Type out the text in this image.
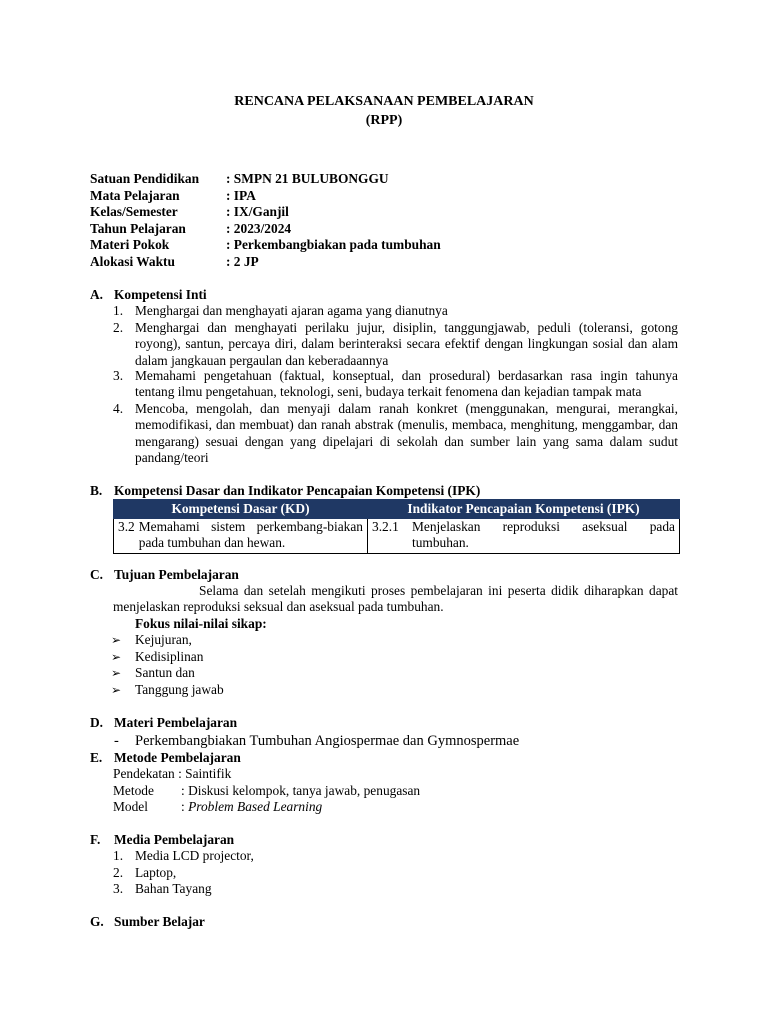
RENCANA PELAKSANAAN PEMBELAJARAN
(RPP)
Satuan Pendidikan : SMPN 21 BULUBONGGU
Mata Pelajaran	: IPA
Kelas/Semester	: IX/Ganjil
Tahun Pelajaran	: 2023/2024
Materi Pokok	: Perkembangbiakan pada tumbuhan
Alokasi Waktu	: 2 JP
A. Kompetensi Inti
1. Menghargai dan menghayati ajaran agama yang dianutnya
2. Menghargai dan menghayati perilaku jujur, disiplin, tanggungjawab, peduli (toleransi, gotong royong), santun, percaya diri, dalam berinteraksi secara efektif dengan lingkungan sosial dan alam dalam jangkauan pergaulan dan keberadaannya
3. Memahami pengetahuan (faktual, konseptual, dan prosedural) berdasarkan rasa ingin tahunya tentang ilmu pengetahuan, teknologi, seni, budaya terkait fenomena dan kejadian tampak mata
4. Mencoba, mengolah, dan menyaji dalam ranah konkret (menggunakan, mengurai, merangkai, memodifikasi, dan membuat) dan ranah abstrak (menulis, membaca, menghitung, menggambar, dan mengarang) sesuai dengan yang dipelajari di sekolah dan sumber lain yang sama dalam sudut pandang/teori
B. Kompetensi Dasar dan Indikator Pencapaian Kompetensi (IPK)
Kompetensi Dasar (KD)	Indikator Pencapaian Kompetensi (IPK)

3.2 Memahami sistem perkembang-biakan pada tumbuhan dan hewan.	3.2.1 Menjelaskan reproduksi aseksual pada tumbuhan.
C. Tujuan Pembelajaran
Selama dan setelah mengikuti proses pembelajaran ini peserta didik diharapkan dapat
menjelaskan reproduksi seksual dan aseksual pada tumbuhan.
Fokus nilai-nilai sikap:
➢ Kejujuran,
➢ Kedisiplinan
➢ Santun dan
➢ Tanggung jawab
D. Materi Pembelajaran
- Perkembangbiakan Tumbuhan Angiospermae dan Gymnospermae
E. Metode Pembelajaran
Pendekatan : Saintifik
Metode : Diskusi kelompok, tanya jawab, penugasan
Model : Problem Based Learning
F. Media Pembelajaran
1. Media LCD projector,
2. Laptop,
3. Bahan Tayang
G. Sumber Belajar
